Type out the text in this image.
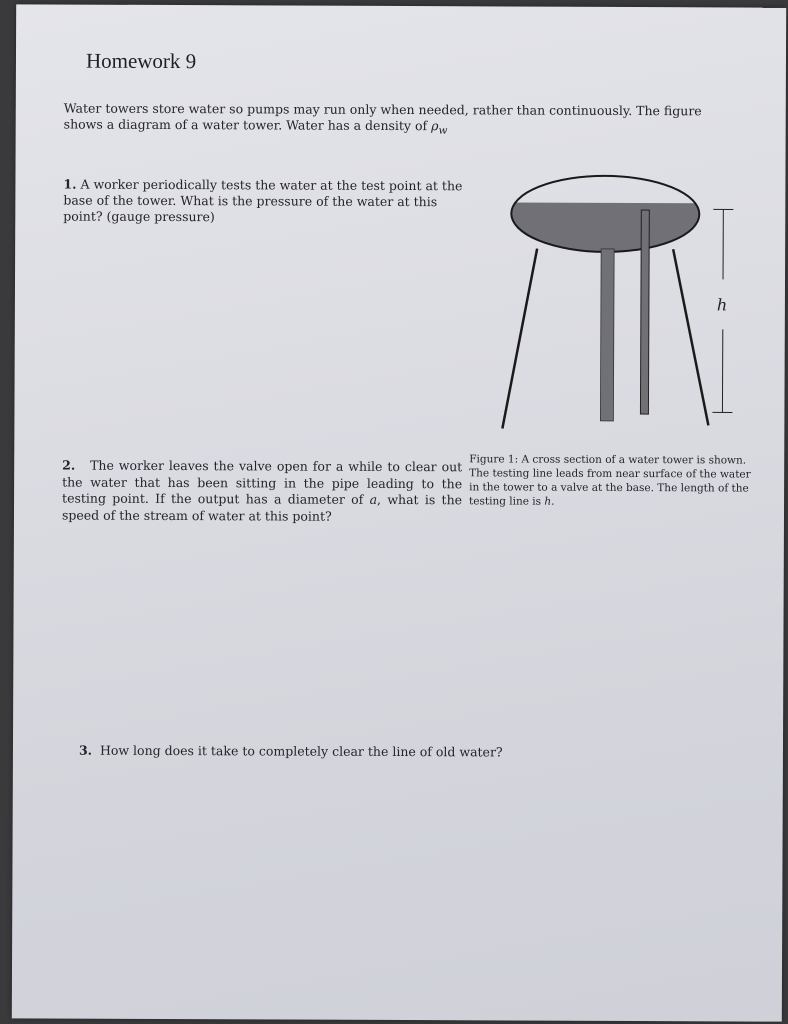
Homework 9
Water towers store water so pumps may run only when needed, rather than continuously. The figure shows a diagram of a water tower. Water has a density of $\rho_w$
1. A worker periodically tests the water at the test point at the base of the tower. What is the pressure of the water at this point? (gauge pressure)
h
Figure 1: A cross section of a water tower is shown. The testing line leads from near surface of the water in the tower to a valve at the base. The length of the testing line is h.
2. The worker leaves the valve open for a while to clear out the water that has been sitting in the pipe leading to the testing point. If the output has a diameter of a, what is the speed of the stream of water at this point?
3. How long does it take to completely clear the line of old water?
